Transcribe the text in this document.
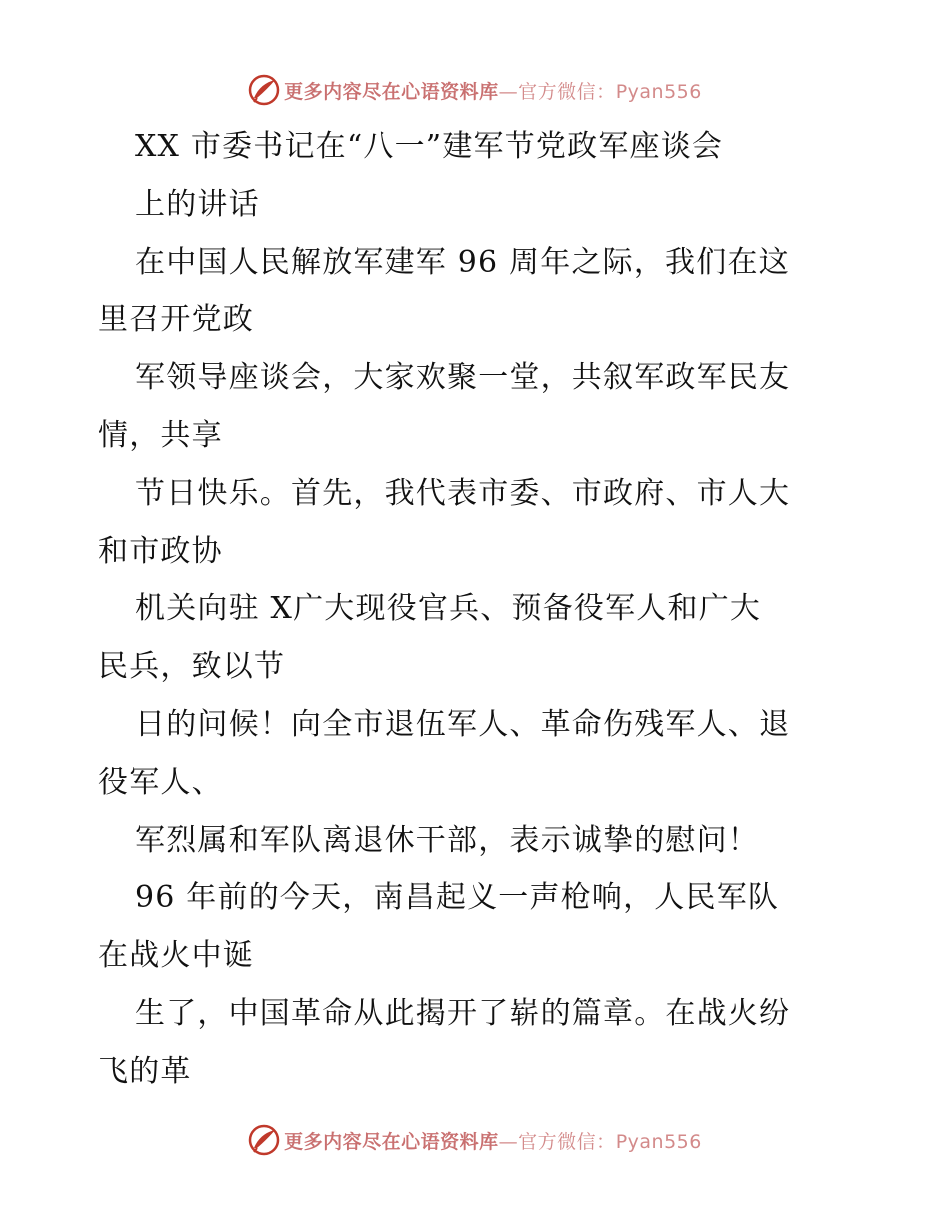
更多内容尽在心语资料库—官方微信：Pyan556
XX 市委书记在“八一”建军节党政军座谈会
上的讲话
在中国人民解放军建军 96 周年之际，我们在这
里召开党政
军领导座谈会，大家欢聚一堂，共叙军政军民友
情，共享
节日快乐。首先，我代表市委、市政府、市人大
和市政协
机关向驻 X广大现役官兵、预备役军人和广大
民兵，致以节
日的问候！向全市退伍军人、革命伤残军人、退
役军人、
军烈属和军队离退休干部，表示诚挚的慰问！
96 年前的今天，南昌起义一声枪响，人民军队
在战火中诞
生了，中国革命从此揭开了崭的篇章。在战火纷
飞的革
更多内容尽在心语资料库—官方微信：Pyan556
